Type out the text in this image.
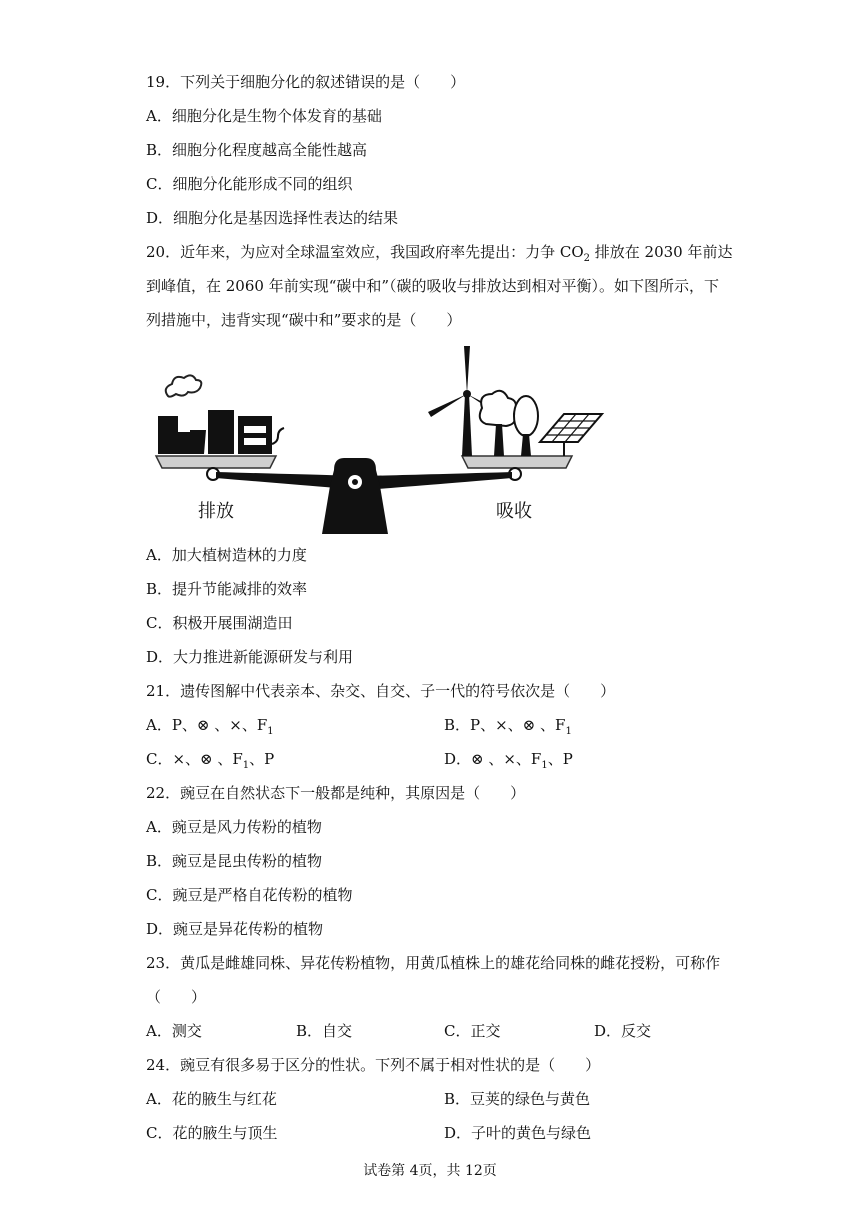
19．下列关于细胞分化的叙述错误的是（　　）
A．细胞分化是生物个体发育的基础
B．细胞分化程度越高全能性越高
C．细胞分化能形成不同的组织
D．细胞分化是基因选择性表达的结果
20．近年来，为应对全球温室效应，我国政府率先提出：力争 $CO_2$ 排放在 2030 年前达
到峰值，在 2060 年前实现“碳中和”（碳的吸收与排放达到相对平衡）。如下图所示，下
列措施中，违背实现“碳中和”要求的是（　　）
排放	吸收
A．加大植树造林的力度
B．提升节能减排的效率
C．积极开展围湖造田
D．大力推进新能源研发与利用
21．遗传图解中代表亲本、杂交、自交、子一代的符号依次是（　　）
A．P、⊗ 、×、$F_1$	B．P、×、⊗ 、$F_1$
C．×、⊗ 、$F_1$、P	D．⊗ 、×、$F_1$、P
22．豌豆在自然状态下一般都是纯种，其原因是（　　）
A．豌豆是风力传粉的植物
B．豌豆是昆虫传粉的植物
C．豌豆是严格自花传粉的植物
D．豌豆是异花传粉的植物
23．黄瓜是雌雄同株、异花传粉植物，用黄瓜植株上的雄花给同株的雌花授粉，可称作
（　　）
A．测交	B．自交	C．正交	D．反交
24．豌豆有很多易于区分的性状。下列不属于相对性状的是（　　）
A．花的腋生与红花	B．豆荚的绿色与黄色
C．花的腋生与顶生	D．子叶的黄色与绿色
试卷第 4页，共 12页
